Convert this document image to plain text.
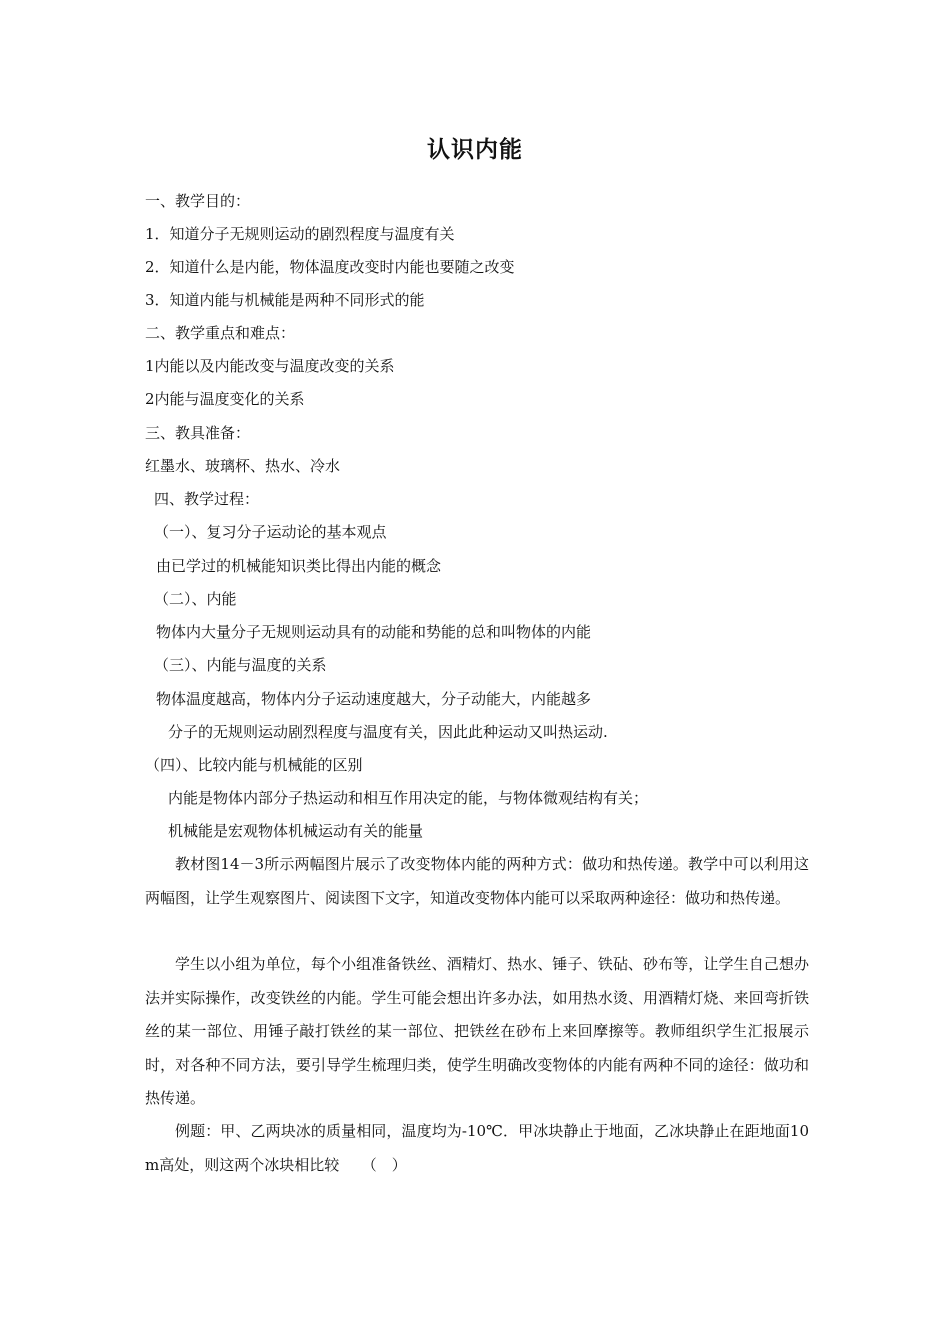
认识内能
一、教学目的：
1．知道分子无规则运动的剧烈程度与温度有关
2．知道什么是内能，物体温度改变时内能也要随之改变
3．知道内能与机械能是两种不同形式的能
二、教学重点和难点：
1内能以及内能改变与温度改变的关系
2内能与温度变化的关系
三、教具准备：
红墨水、玻璃杯、热水、冷水
四、教学过程：
（一）、复习分子运动论的基本观点
由已学过的机械能知识类比得出内能的概念
（二）、内能
物体内大量分子无规则运动具有的动能和势能的总和叫物体的内能
（三）、内能与温度的关系
物体温度越高，物体内分子运动速度越大，分子动能大，内能越多
分子的无规则运动剧烈程度与温度有关，因此此种运动又叫热运动.
（四）、比较内能与机械能的区别
内能是物体内部分子热运动和相互作用决定的能，与物体微观结构有关；
机械能是宏观物体机械运动有关的能量
教材图14－3所示两幅图片展示了改变物体内能的两种方式：做功和热传递。教学中可以利用这两幅图，让学生观察图片、阅读图下文字，知道改变物体内能可以采取两种途径：做功和热传递。
学生以小组为单位，每个小组准备铁丝、酒精灯、热水、锤子、铁砧、砂布等，让学生自己想办法并实际操作，改变铁丝的内能。学生可能会想出许多办法，如用热水烫、用酒精灯烧、来回弯折铁丝的某一部位、用锤子敲打铁丝的某一部位、把铁丝在砂布上来回摩擦等。教师组织学生汇报展示时，对各种不同方法，要引导学生梳理归类，使学生明确改变物体的内能有两种不同的途径：做功和热传递。
例题：甲、乙两块冰的质量相同，温度均为-10℃．甲冰块静止于地面，乙冰块静止在距地面10m高处，则这两个冰块相比较　　（　）
